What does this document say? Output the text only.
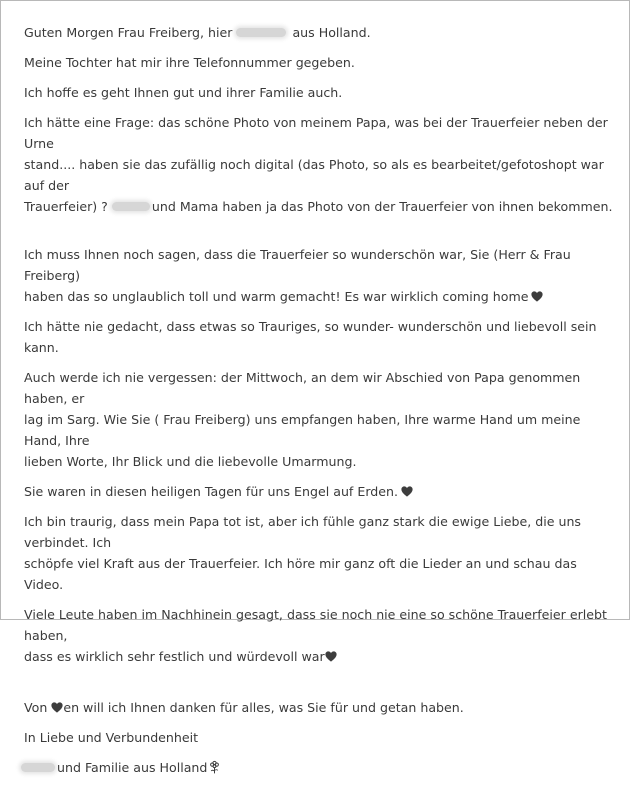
Guten Morgen Frau Freiberg, hier	aus Holland.

Meine Tochter hat mir ihre Telefonnummer gegeben.

Ich hoffe es geht Ihnen gut und ihrer Familie auch.

Ich hätte eine Frage: das schöne Photo von meinem Papa, was bei der Trauerfeier neben der Urne
stand.... haben sie das zufällig noch digital (das Photo, so als es bearbeitet/gefotoshopt war auf der
Trauerfeier) ?	und Mama haben ja das Photo von der Trauerfeier von ihnen bekommen.

Ich muss Ihnen noch sagen, dass die Trauerfeier so wunderschön war, Sie (Herr & Frau Freiberg)
haben das so unglaublich toll und warm gemacht! Es war wirklich coming home

Ich hätte nie gedacht, dass etwas so Trauriges, so wunder- wunderschön und liebevoll sein kann.

Auch werde ich nie vergessen: der Mittwoch, an dem wir Abschied von Papa genommen haben, er
lag im Sarg. Wie Sie ( Frau Freiberg) uns empfangen haben, Ihre warme Hand um meine Hand, Ihre
lieben Worte, Ihr Blick und die liebevolle Umarmung.

Sie waren in diesen heiligen Tagen für uns Engel auf Erden.

Ich bin traurig, dass mein Papa tot ist, aber ich fühle ganz stark die ewige Liebe, die uns verbindet. Ich
schöpfe viel Kraft aus der Trauerfeier. Ich höre mir ganz oft die Lieder an und schau das Video.

Viele Leute haben im Nachhinein gesagt, dass sie noch nie eine so schöne Trauerfeier erlebt haben,
dass es wirklich sehr festlich und würdevoll war

Von en will ich Ihnen danken für alles, was Sie für und getan haben.

In Liebe und Verbundenheit

und Familie aus Holland
